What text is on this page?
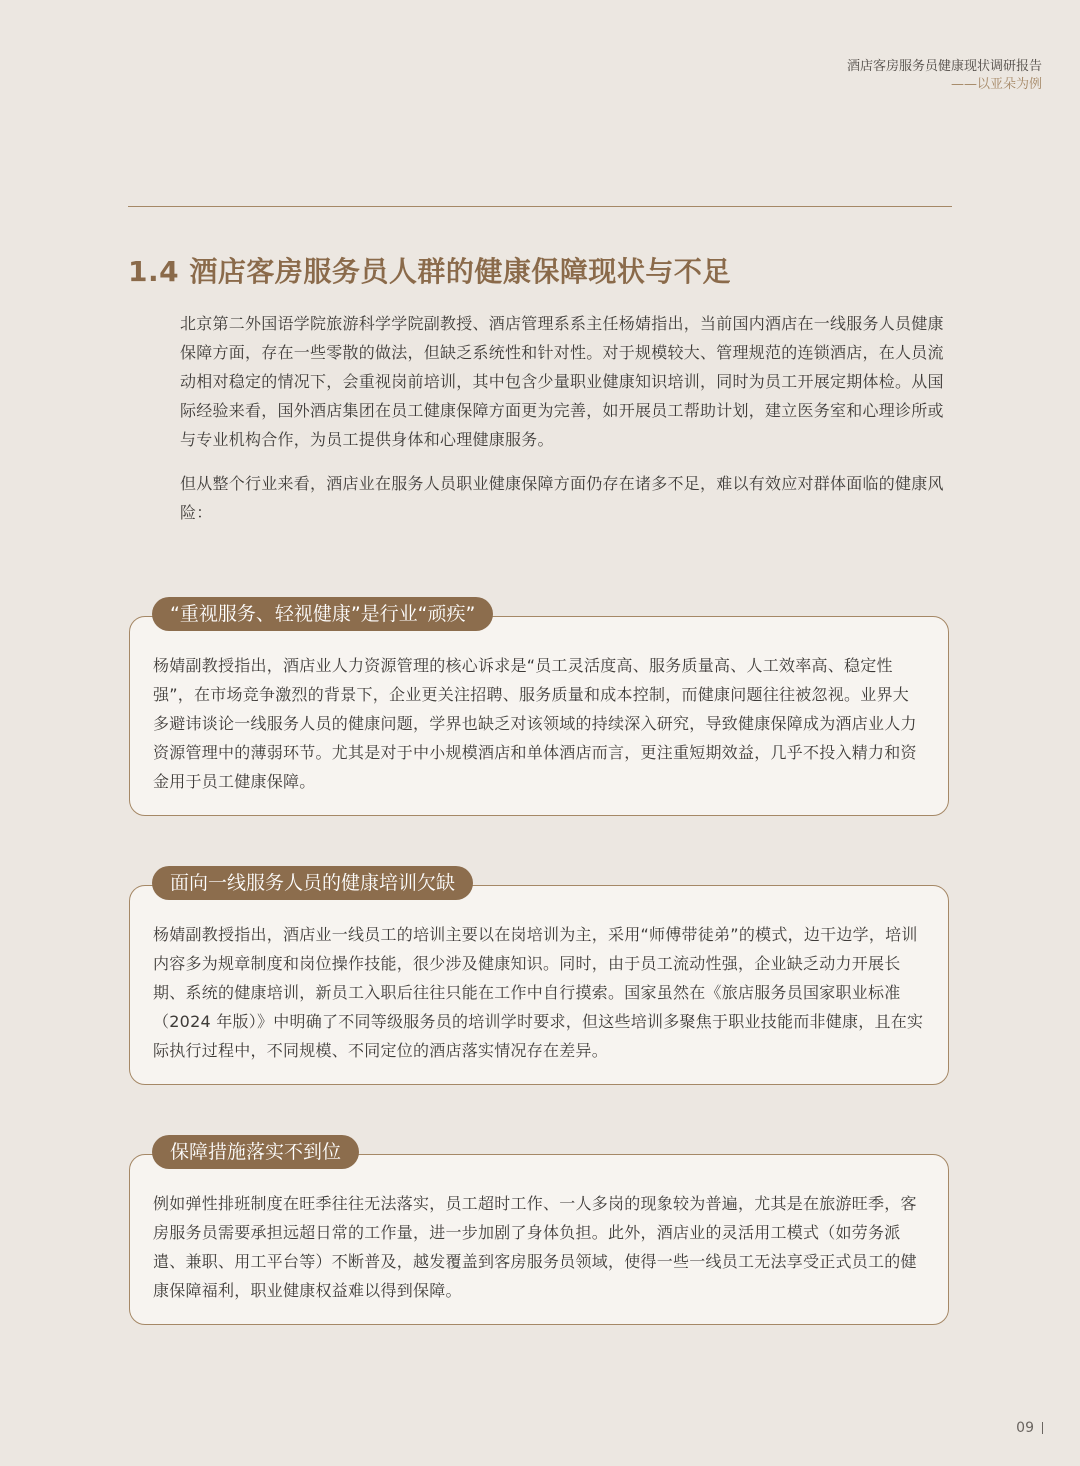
酒店客房服务员健康现状调研报告
——以亚朵为例
1.4 酒店客房服务员人群的健康保障现状与不足

北京第二外国语学院旅游科学学院副教授、酒店管理系系主任杨婧指出，当前国内酒店在一线服务人员健康保障方面，存在一些零散的做法，但缺乏系统性和针对性。对于规模较大、管理规范的连锁酒店，在人员流动相对稳定的情况下，会重视岗前培训，其中包含少量职业健康知识培训，同时为员工开展定期体检。从国际经验来看，国外酒店集团在员工健康保障方面更为完善，如开展员工帮助计划，建立医务室和心理诊所或与专业机构合作，为员工提供身体和心理健康服务。

但从整个行业来看，酒店业在服务人员职业健康保障方面仍存在诸多不足，难以有效应对群体面临的健康风险：

杨婧副教授指出，酒店业人力资源管理的核心诉求是“员工灵活度高、服务质量高、人工效率高、稳定性强”，在市场竞争激烈的背景下，企业更关注招聘、服务质量和成本控制，而健康问题往往被忽视。业界大多避讳谈论一线服务人员的健康问题，学界也缺乏对该领域的持续深入研究，导致健康保障成为酒店业人力资源管理中的薄弱环节。尤其是对于中小规模酒店和单体酒店而言，更注重短期效益，几乎不投入精力和资金用于员工健康保障。

“重视服务、轻视健康”是行业“顽疾”

杨婧副教授指出，酒店业一线员工的培训主要以在岗培训为主，采用“师傅带徒弟”的模式，边干边学，培训内容多为规章制度和岗位操作技能，很少涉及健康知识。同时，由于员工流动性强，企业缺乏动力开展长期、系统的健康培训，新员工入职后往往只能在工作中自行摸索。国家虽然在《旅店服务员国家职业标准（2024 年版）》中明确了不同等级服务员的培训学时要求，但这些培训多聚焦于职业技能而非健康，且在实际执行过程中，不同规模、不同定位的酒店落实情况存在差异。

面向一线服务人员的健康培训欠缺

例如弹性排班制度在旺季往往无法落实，员工超时工作、一人多岗的现象较为普遍，尤其是在旅游旺季，客房服务员需要承担远超日常的工作量，进一步加剧了身体负担。此外，酒店业的灵活用工模式（如劳务派遣、兼职、用工平台等）不断普及，越发覆盖到客房服务员领域，使得一些一线员工无法享受正式员工的健康保障福利，职业健康权益难以得到保障。

保障措施落实不到位
09
